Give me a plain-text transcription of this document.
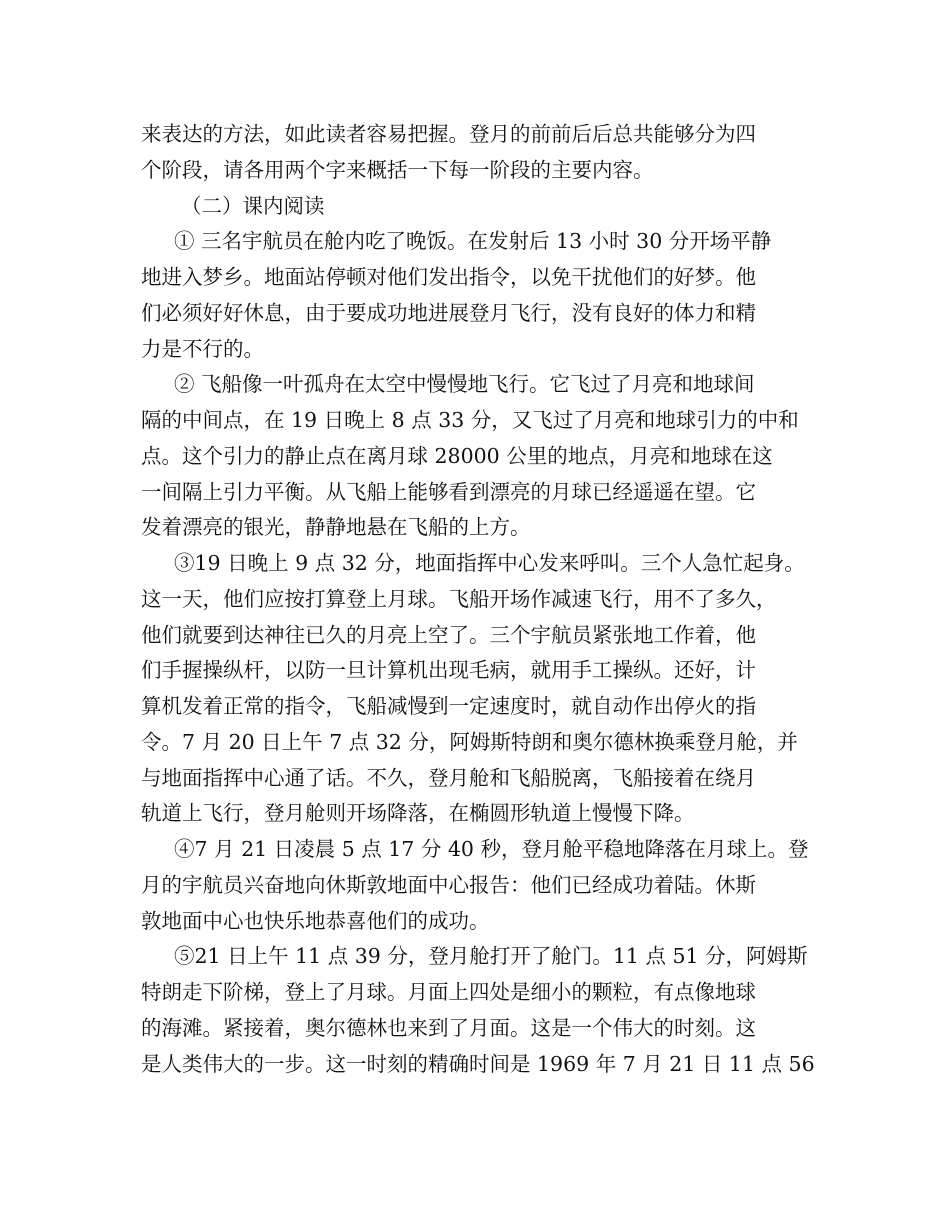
来表达的方法，如此读者容易把握。登月的前前后后总共能够分为四
个阶段，请各用两个字来概括一下每一阶段的主要内容。
（二）课内阅读
① 三名宇航员在舱内吃了晚饭。在发射后 13 小时 30 分开场平静
地进入梦乡。地面站停顿对他们发出指令，以免干扰他们的好梦。他
们必须好好休息，由于要成功地进展登月飞行，没有良好的体力和精
力是不行的。
② 飞船像一叶孤舟在太空中慢慢地飞行。它飞过了月亮和地球间
隔的中间点，在 19 日晚上 8 点 33 分，又飞过了月亮和地球引力的中和
点。这个引力的静止点在离月球 28000 公里的地点，月亮和地球在这
一间隔上引力平衡。从飞船上能够看到漂亮的月球已经遥遥在望。它
发着漂亮的银光，静静地悬在飞船的上方。
③19 日晚上 9 点 32 分，地面指挥中心发来呼叫。三个人急忙起身。
这一天，他们应按打算登上月球。飞船开场作减速飞行，用不了多久，
他们就要到达神往已久的月亮上空了。三个宇航员紧张地工作着，他
们手握操纵杆，以防一旦计算机出现毛病，就用手工操纵。还好，计
算机发着正常的指令，飞船减慢到一定速度时，就自动作出停火的指
令。7 月 20 日上午 7 点 32 分，阿姆斯特朗和奥尔德林换乘登月舱，并
与地面指挥中心通了话。不久，登月舱和飞船脱离，飞船接着在绕月
轨道上飞行，登月舱则开场降落，在椭圆形轨道上慢慢下降。
④7 月 21 日凌晨 5 点 17 分 40 秒，登月舱平稳地降落在月球上。登
月的宇航员兴奋地向休斯敦地面中心报告：他们已经成功着陆。休斯
敦地面中心也快乐地恭喜他们的成功。
⑤21 日上午 11 点 39 分，登月舱打开了舱门。11 点 51 分，阿姆斯
特朗走下阶梯，登上了月球。月面上四处是细小的颗粒，有点像地球
的海滩。紧接着，奥尔德林也来到了月面。这是一个伟大的时刻。这
是人类伟大的一步。这一时刻的精确时间是 1969 年 7 月 21 日 11 点 56
